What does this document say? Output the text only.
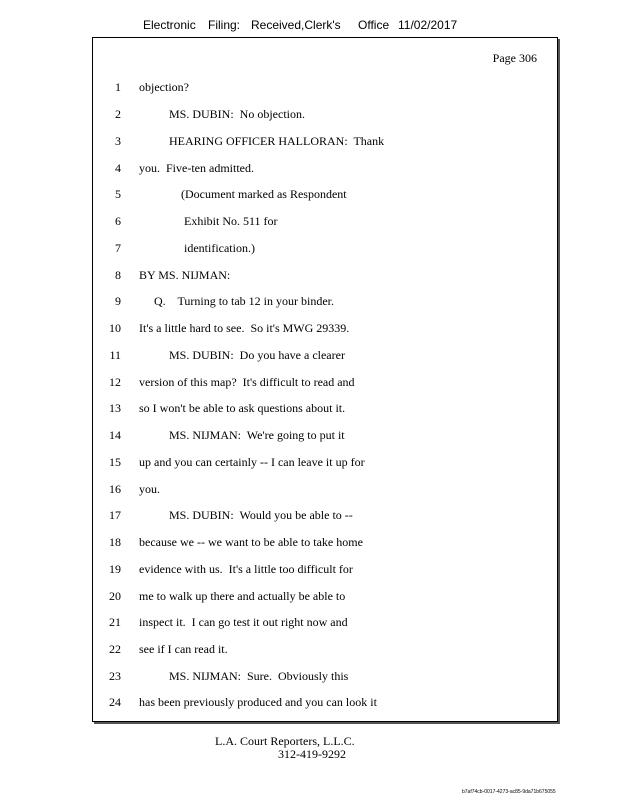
Electronic Filing: Received,Clerk's Office 11/02/2017
Page 306
1 objection?
2 MS. DUBIN:  No objection.
3 HEARING OFFICER HALLORAN:  Thank
4 you.  Five-ten admitted.
5 (Document marked as Respondent
6 Exhibit No. 511 for
7 identification.)
8 BY MS. NIJMAN:
9 Q.    Turning to tab 12 in your binder.
10 It's a little hard to see.  So it's MWG 29339.
11 MS. DUBIN:  Do you have a clearer
12 version of this map?  It's difficult to read and
13 so I won't be able to ask questions about it.
14 MS. NIJMAN:  We're going to put it
15 up and you can certainly -- I can leave it up for
16 you.
17 MS. DUBIN:  Would you be able to --
18 because we -- we want to be able to take home
19 evidence with us.  It's a little too difficult for
20 me to walk up there and actually be able to
21 inspect it.  I can go test it out right now and
22 see if I can read it.
23 MS. NIJMAN:  Sure.  Obviously this
24 has been previously produced and you can look it
L.A. Court Reporters, L.L.C.
312-419-9292
b7af74cb-0017-4273-ac85-9da71b675055
